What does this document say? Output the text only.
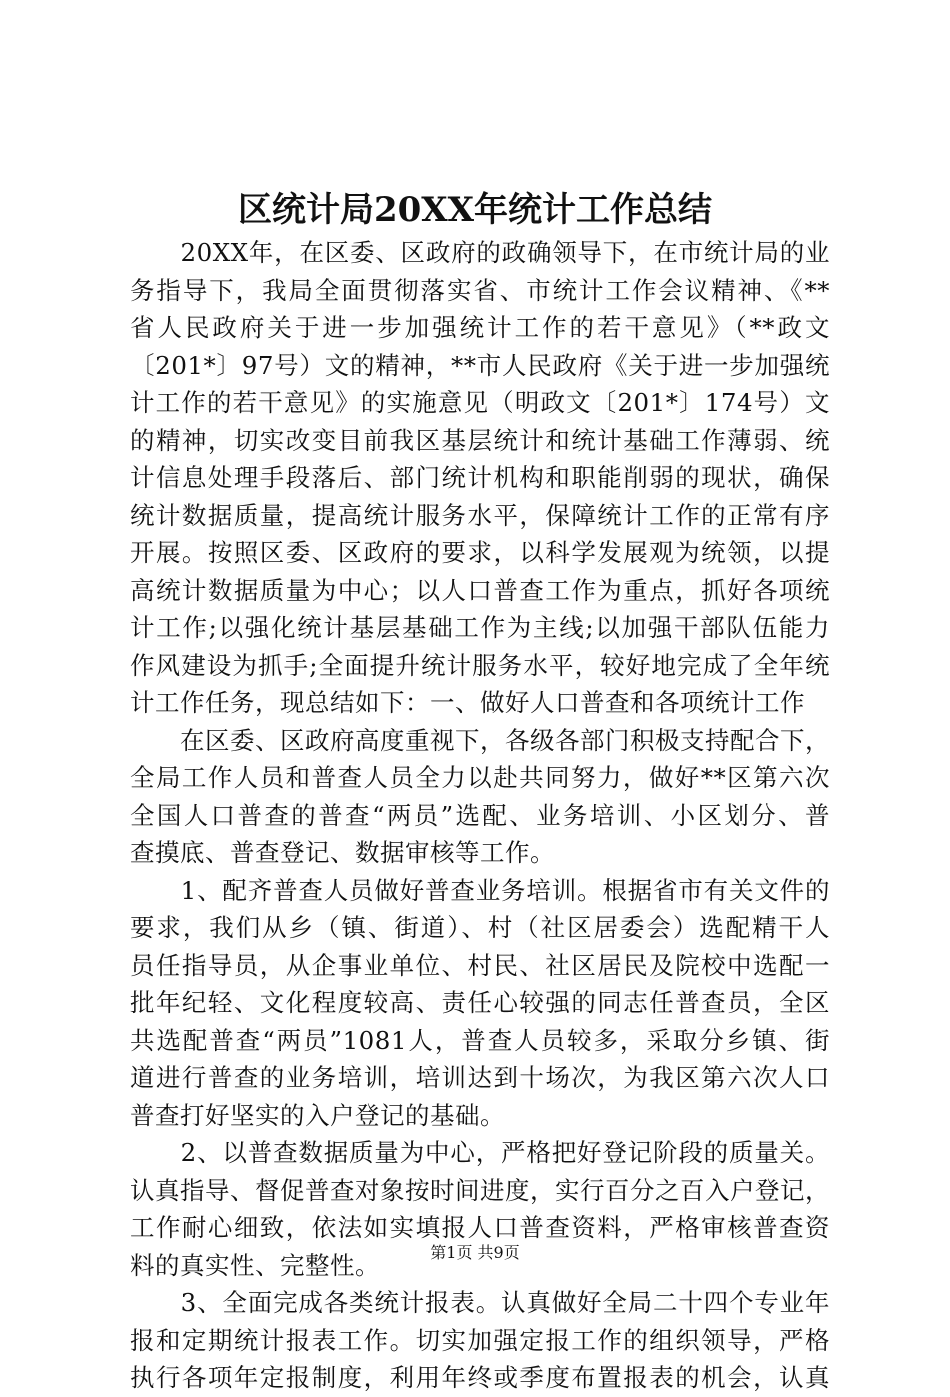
区统计局20XX年统计工作总结
　　20XX年，在区委、区政府的政确领导下，在市统计局的业
务指导下，我局全面贯彻落实省、市统计工作会议精神、《**
省人民政府关于进一步加强统计工作的若干意见》（**政文
〔201*〕97号）文的精神，**市人民政府《关于进一步加强统
计工作的若干意见》的实施意见（明政文〔201*〕174号）文
的精神，切实改变目前我区基层统计和统计基础工作薄弱、统
计信息处理手段落后、部门统计机构和职能削弱的现状，确保
统计数据质量，提高统计服务水平，保障统计工作的正常有序
开展。按照区委、区政府的要求，以科学发展观为统领，以提
高统计数据质量为中心；以人口普查工作为重点，抓好各项统
计工作;以强化统计基层基础工作为主线;以加强干部队伍能力
作风建设为抓手;全面提升统计服务水平，较好地完成了全年统
计工作任务，现总结如下：一、做好人口普查和各项统计工作
　　在区委、区政府高度重视下，各级各部门积极支持配合下，
全局工作人员和普查人员全力以赴共同努力，做好**区第六次
全国人口普查的普查“两员”选配、业务培训、小区划分、普
查摸底、普查登记、数据审核等工作。
　　1、配齐普查人员做好普查业务培训。根据省市有关文件的
要求，我们从乡（镇、街道）、村（社区居委会）选配精干人
员任指导员，从企事业单位、村民、社区居民及院校中选配一
批年纪轻、文化程度较高、责任心较强的同志任普查员，全区
共选配普查“两员”1081人，普查人员较多，采取分乡镇、街
道进行普查的业务培训，培训达到十场次，为我区第六次人口
普查打好坚实的入户登记的基础。
　　2、以普查数据质量为中心，严格把好登记阶段的质量关。
认真指导、督促普查对象按时间进度，实行百分之百入户登记，
工作耐心细致，依法如实填报人口普查资料，严格审核普查资
料的真实性、完整性。
　　3、全面完成各类统计报表。认真做好全局二十四个专业年
报和定期统计报表工作。切实加强定报工作的组织领导，严格
执行各项年定报制度，利用年终或季度布置报表的机会，认真
第1页 共9页
